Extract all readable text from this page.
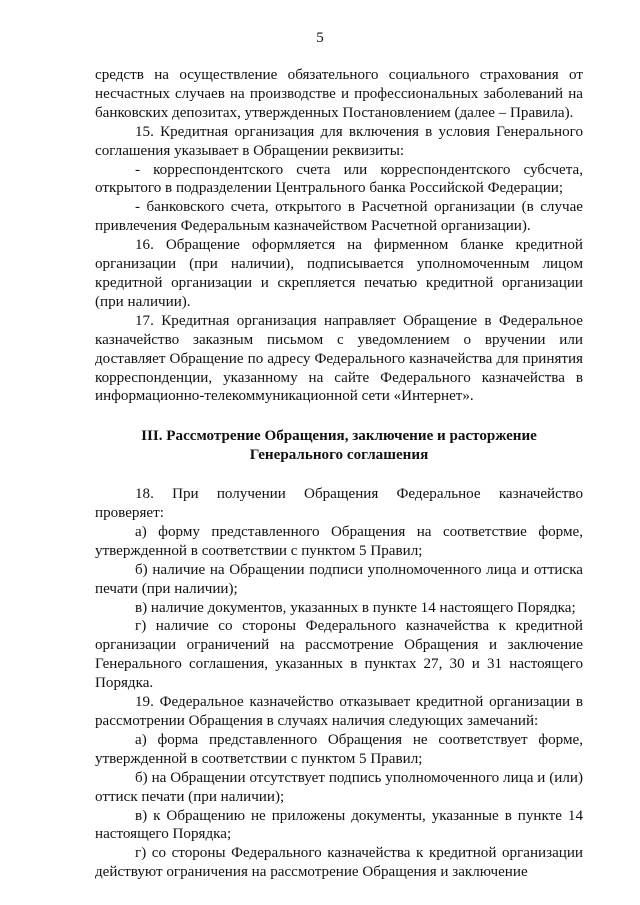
5

средств на осуществление обязательного социального страхования от несчастных случаев на производстве и профессиональных заболеваний на банковских депозитах, утвержденных Постановлением (далее – Правила).

15. Кредитная организация для включения в условия Генерального соглашения указывает в Обращении реквизиты:

- корреспондентского счета или корреспондентского субсчета, открытого в подразделении Центрального банка Российской Федерации;

- банковского счета, открытого в Расчетной организации (в случае привлечения Федеральным казначейством Расчетной организации).

16. Обращение оформляется на фирменном бланке кредитной организации (при наличии), подписывается уполномоченным лицом кредитной организации и скрепляется печатью кредитной организации (при наличии).

17. Кредитная организация направляет Обращение в Федеральное казначейство заказным письмом с уведомлением о вручении или доставляет Обращение по адресу Федерального казначейства для принятия корреспонденции, указанному на сайте Федерального казначейства в информационно-телекоммуникационной сети «Интернет».

III. Рассмотрение Обращения, заключение и расторжение
Генерального соглашения

18. При получении Обращения Федеральное казначейство проверяет:

а) форму представленного Обращения на соответствие форме, утвержденной в соответствии с пунктом 5 Правил;

б) наличие на Обращении подписи уполномоченного лица и оттиска печати (при наличии);

в) наличие документов, указанных в пункте 14 настоящего Порядка;

г) наличие со стороны Федерального казначейства к кредитной организации ограничений на рассмотрение Обращения и заключение Генерального соглашения, указанных в пунктах 27, 30 и 31 настоящего Порядка.

19. Федеральное казначейство отказывает кредитной организации в рассмотрении Обращения в случаях наличия следующих замечаний:

а) форма представленного Обращения не соответствует форме, утвержденной в соответствии с пунктом 5 Правил;

б) на Обращении отсутствует подпись уполномоченного лица и (или) оттиск печати (при наличии);

в) к Обращению не приложены документы, указанные в пункте 14 настоящего Порядка;

г) со стороны Федерального казначейства к кредитной организации действуют ограничения на рассмотрение Обращения и заключение
